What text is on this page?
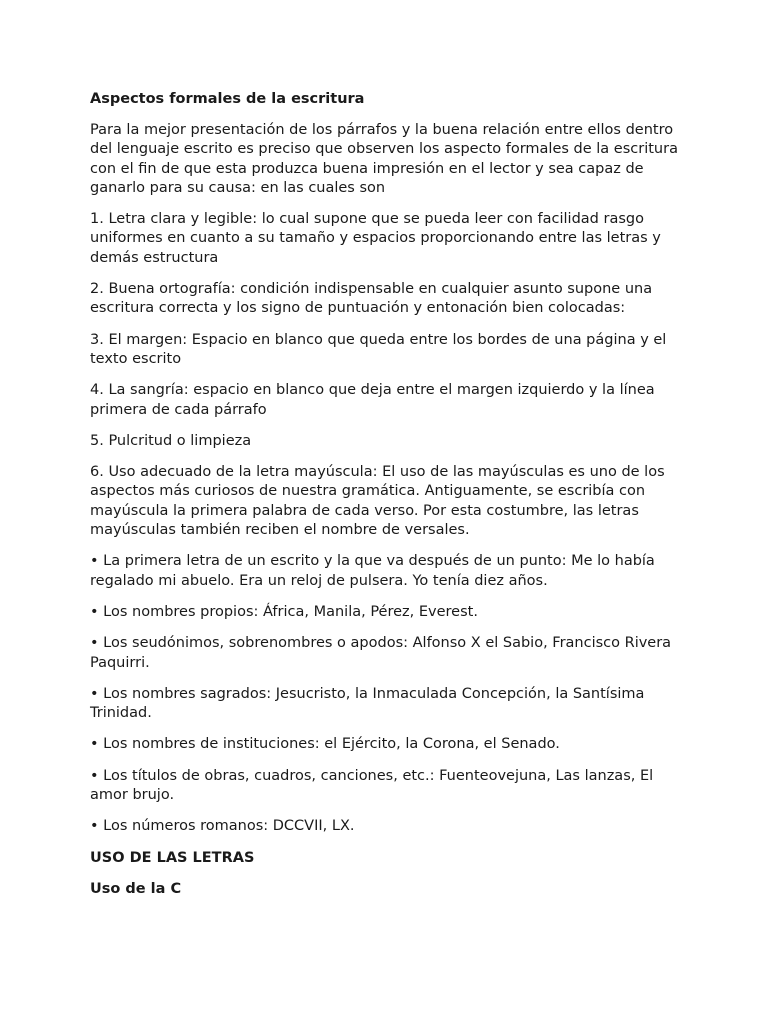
Aspectos formales de la escritura

Para la mejor presentación de los párrafos y la buena relación entre ellos dentro del lenguaje escrito es preciso que observen los aspecto formales de la escritura con el fin de que esta produzca buena impresión en el lector y sea capaz de ganarlo para su causa: en las cuales son

1. Letra clara y legible: lo cual supone que se pueda leer con facilidad rasgo uniformes en cuanto a su tamaño y espacios proporcionando entre las letras y demás estructura

2. Buena ortografía: condición indispensable en cualquier asunto supone una escritura correcta y los signo de puntuación y entonación bien colocadas:

3. El margen: Espacio en blanco que queda entre los bordes de una página y el texto escrito

4. La sangría: espacio en blanco que deja entre el margen izquierdo y la línea primera de cada párrafo

5. Pulcritud o limpieza

6. Uso adecuado de la letra mayúscula: El uso de las mayúsculas es uno de los aspectos más curiosos de nuestra gramática. Antiguamente, se escribía con mayúscula la primera palabra de cada verso. Por esta costumbre, las letras mayúsculas también reciben el nombre de versales.

• La primera letra de un escrito y la que va después de un punto: Me lo había regalado mi abuelo. Era un reloj de pulsera. Yo tenía diez años.

• Los nombres propios: África, Manila, Pérez, Everest.

• Los seudónimos, sobrenombres o apodos: Alfonso X el Sabio, Francisco Rivera Paquirri.

• Los nombres sagrados: Jesucristo, la Inmaculada Concepción, la Santísima Trinidad.

• Los nombres de instituciones: el Ejército, la Corona, el Senado.

• Los títulos de obras, cuadros, canciones, etc.: Fuenteovejuna, Las lanzas, El amor brujo.

• Los números romanos: DCCVII, LX.

USO DE LAS LETRAS

Uso de la C
